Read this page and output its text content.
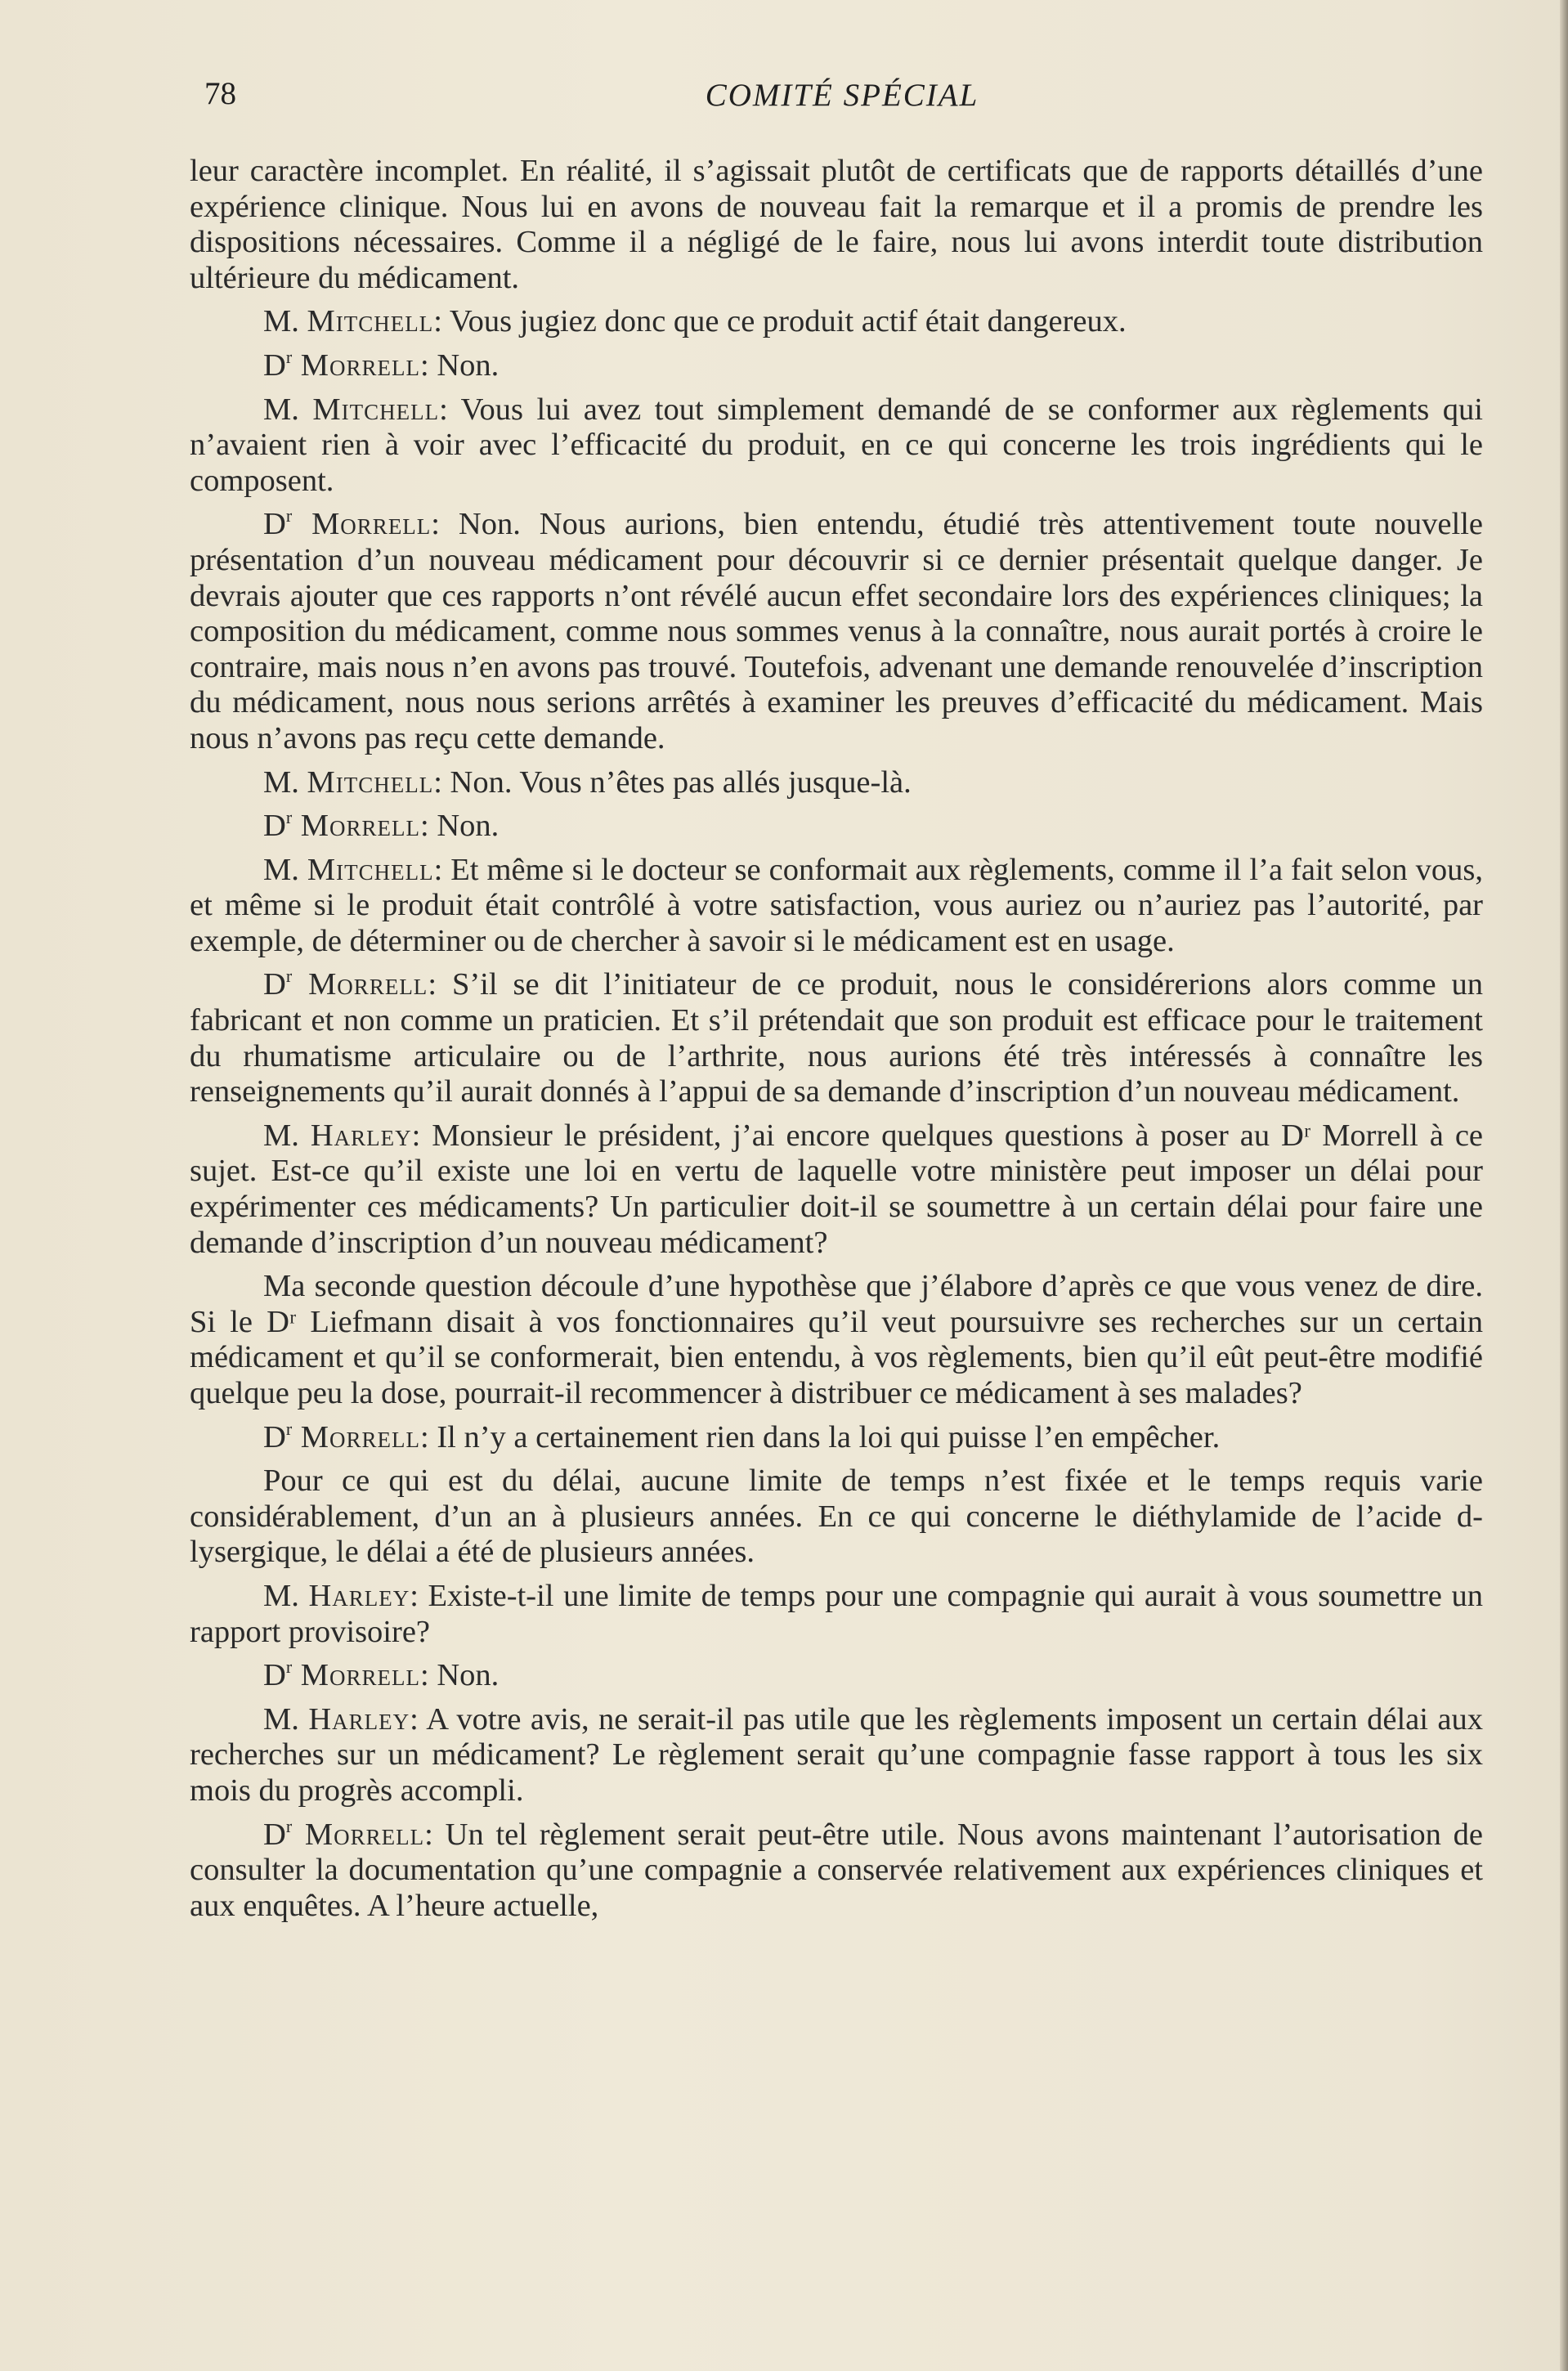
78	COMITÉ SPÉCIAL

leur caractère incomplet. En réalité, il s’agissait plutôt de certificats que de rapports détaillés d’une expérience clinique. Nous lui en avons de nouveau fait la remarque et il a promis de prendre les dispositions nécessaires. Comme il a négligé de le faire, nous lui avons interdit toute distribution ultérieure du médicament.

M. Mitchell: Vous jugiez donc que ce produit actif était dangereux.

$D^r$ Morrell: Non.

M. Mitchell: Vous lui avez tout simplement demandé de se conformer aux règlements qui n’avaient rien à voir avec l’efficacité du produit, en ce qui concerne les trois ingrédients qui le composent.

$D^r$ Morrell: Non. Nous aurions, bien entendu, étudié très attentivement toute nouvelle présentation d’un nouveau médicament pour découvrir si ce dernier présentait quelque danger. Je devrais ajouter que ces rapports n’ont révélé aucun effet secondaire lors des expériences cliniques; la composition du médicament, comme nous sommes venus à la connaître, nous aurait portés à croire le contraire, mais nous n’en avons pas trouvé. Toutefois, advenant une demande renouvelée d’inscription du médicament, nous nous serions arrêtés à examiner les preuves d’efficacité du médicament. Mais nous n’avons pas reçu cette demande.

M. Mitchell: Non. Vous n’êtes pas allés jusque-là.

$D^r$ Morrell: Non.

M. Mitchell: Et même si le docteur se conformait aux règlements, comme il l’a fait selon vous, et même si le produit était contrôlé à votre satisfaction, vous auriez ou n’auriez pas l’autorité, par exemple, de déterminer ou de chercher à savoir si le médicament est en usage.

$D^r$ Morrell: S’il se dit l’initiateur de ce produit, nous le considérerions alors comme un fabricant et non comme un praticien. Et s’il prétendait que son produit est efficace pour le traitement du rhumatisme articulaire ou de l’arthrite, nous aurions été très intéressés à connaître les renseignements qu’il aurait donnés à l’appui de sa demande d’inscription d’un nouveau médicament.

M. Harley: Monsieur le président, j’ai encore quelques questions à poser au Dʳ Morrell à ce sujet. Est-ce qu’il existe une loi en vertu de laquelle votre ministère peut imposer un délai pour expérimenter ces médicaments? Un particulier doit-il se soumettre à un certain délai pour faire une demande d’inscription d’un nouveau médicament?

Ma seconde question découle d’une hypothèse que j’élabore d’après ce que vous venez de dire. Si le Dʳ Liefmann disait à vos fonctionnaires qu’il veut poursuivre ses recherches sur un certain médicament et qu’il se conformerait, bien entendu, à vos règlements, bien qu’il eût peut-être modifié quelque peu la dose, pourrait-il recommencer à distribuer ce médicament à ses malades?

$D^r$ Morrell: Il n’y a certainement rien dans la loi qui puisse l’en empêcher.

Pour ce qui est du délai, aucune limite de temps n’est fixée et le temps requis varie considérablement, d’un an à plusieurs années. En ce qui concerne le diéthylamide de l’acide d-lysergique, le délai a été de plusieurs années.

M. Harley: Existe-t-il une limite de temps pour une compagnie qui aurait à vous soumettre un rapport provisoire?

$D^r$ Morrell: Non.

M. Harley: A votre avis, ne serait-il pas utile que les règlements imposent un certain délai aux recherches sur un médicament? Le règlement serait qu’une compagnie fasse rapport à tous les six mois du progrès accompli.

$D^r$ Morrell: Un tel règlement serait peut-être utile. Nous avons maintenant l’autorisation de consulter la documentation qu’une compagnie a conservée relativement aux expériences cliniques et aux enquêtes. A l’heure actuelle,
